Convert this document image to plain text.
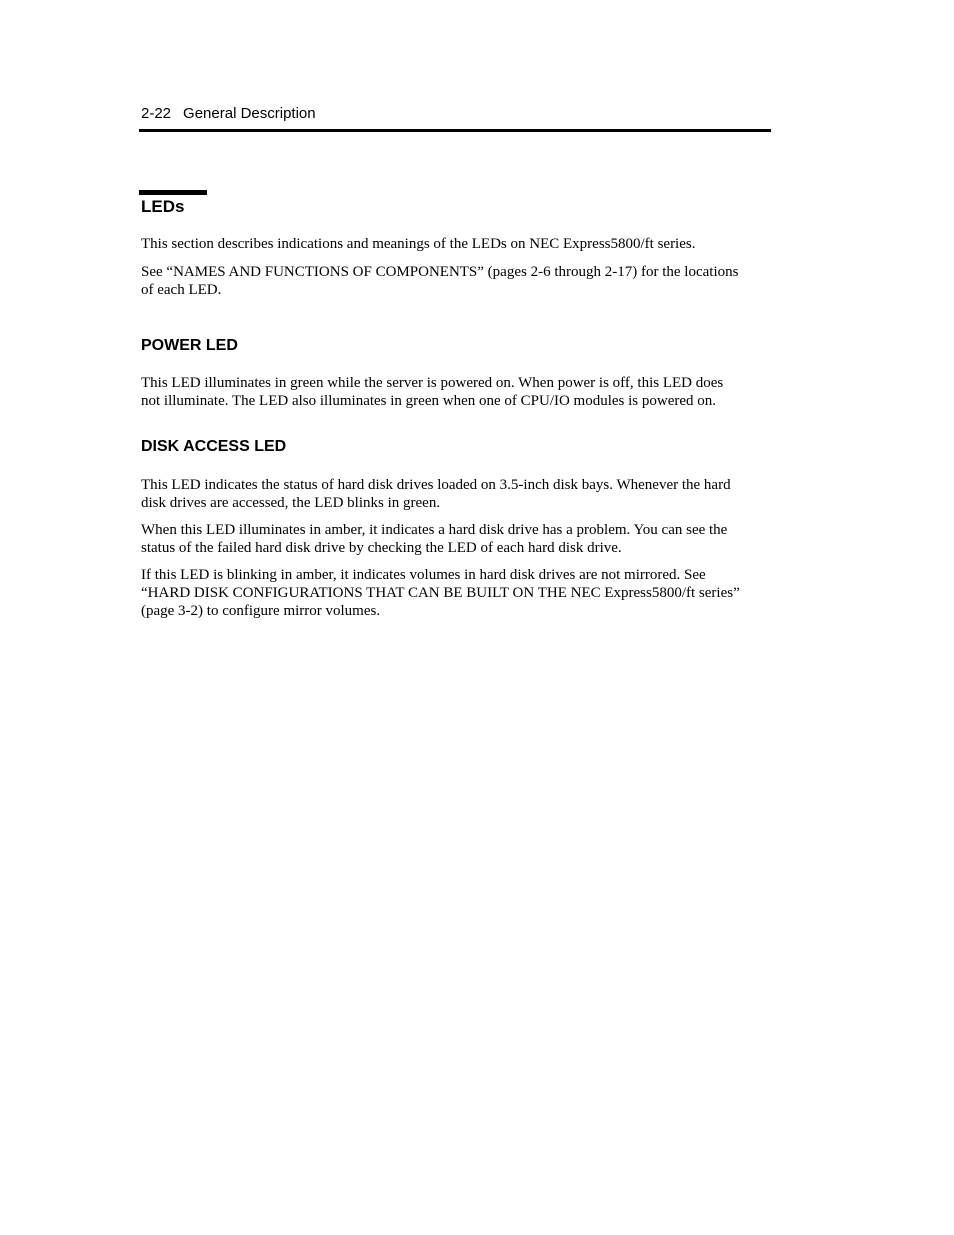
2-22 General Description
LEDs

This section describes indications and meanings of the LEDs on NEC Express5800/ft series.

See “NAMES AND FUNCTIONS OF COMPONENTS” (pages 2-6 through 2-17) for the locations
of each LED.

POWER LED

This LED illuminates in green while the server is powered on. When power is off, this LED does
not illuminate. The LED also illuminates in green when one of CPU/IO modules is powered on.

DISK ACCESS LED

This LED indicates the status of hard disk drives loaded on 3.5-inch disk bays. Whenever the hard
disk drives are accessed, the LED blinks in green.

When this LED illuminates in amber, it indicates a hard disk drive has a problem. You can see the
status of the failed hard disk drive by checking the LED of each hard disk drive.

If this LED is blinking in amber, it indicates volumes in hard disk drives are not mirrored. See
“HARD DISK CONFIGURATIONS THAT CAN BE BUILT ON THE NEC Express5800/ft series”
(page 3-2) to configure mirror volumes.
